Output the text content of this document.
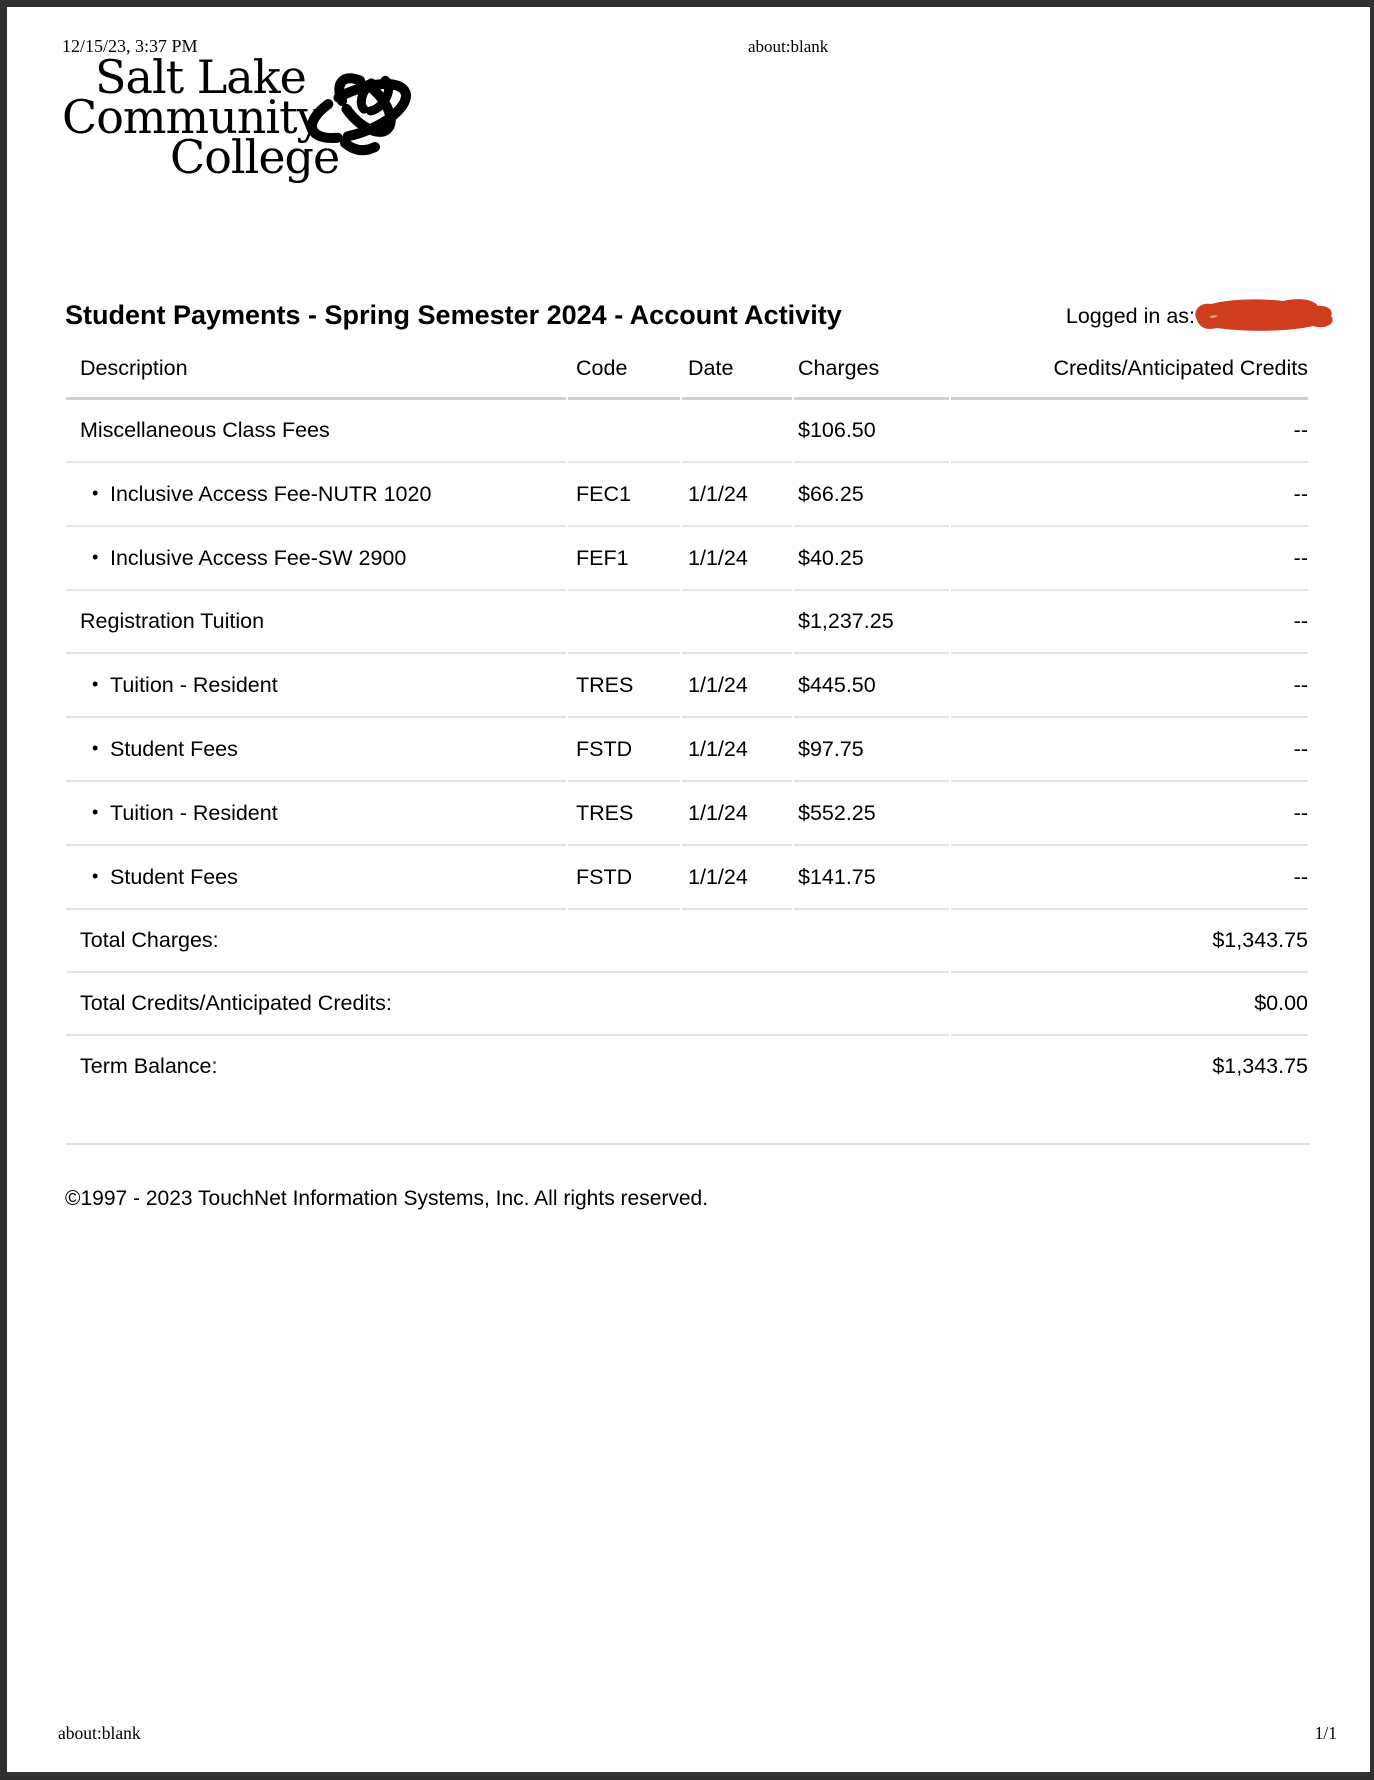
12/15/23, 3:37 PM	about:blank
Salt Lake
Community
College
Student Payments - Spring Semester 2024 - Account Activity	Logged in as:
Description	Code	Date	Charges	Credits/Anticipated Credits
Miscellaneous Class Fees			$106.50	--
• Inclusive Access Fee-NUTR 1020	FEC1	1/1/24	$66.25	--
• Inclusive Access Fee-SW 2900	FEF1	1/1/24	$40.25	--
Registration Tuition			$1,237.25	--
• Tuition - Resident	TRES	1/1/24	$445.50	--
• Student Fees	FSTD	1/1/24	$97.75	--
• Tuition - Resident	TRES	1/1/24	$552.25	--
• Student Fees	FSTD	1/1/24	$141.75	--
Total Charges:				$1,343.75
Total Credits/Anticipated Credits:				$0.00
Term Balance:				$1,343.75
©1997 - 2023 TouchNet Information Systems, Inc. All rights reserved.
about:blank	1/1
